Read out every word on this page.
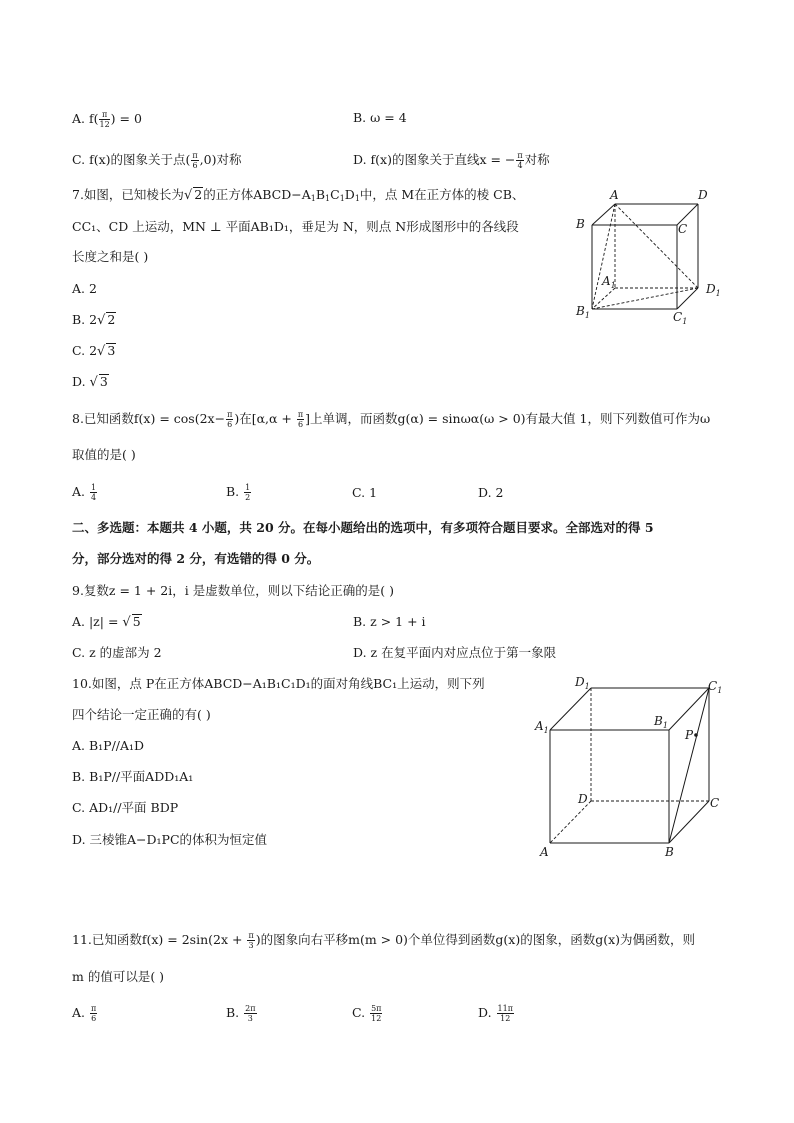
A. $f( \frac{\pi}{12}$ ) = 0	B. ω = 4
C. f(x)的图象关于点( $\frac{\pi}{6} ,0$)对称	D. f(x)的图象关于直线x = − $\frac{\pi}{4}$ 对称
7.如图，已知棱长为√ 2的正方体$ABCD-A_1B_1C_1D_1$中，点 M在正方体的棱 CB、
CC₁、CD 上运动，MN ⊥ 平面AB₁D₁，垂足为 N，则点 N形成图形中的各线段
长度之和是( )
A. 2
B. 2√ 2
C. 2√ 3
D. √ 3
A	D
B	C
$A_1$	$D_1$
$B_1$	$C_1$
8.已知函数$f(x) = \cos(2x- \frac{\pi}{6}$ )在[$\alpha,\alpha + \frac{\pi}{6}$ ]上单调，而函数g(α) = sinωα(ω > 0)有最大值 1，则下列数值可作为ω
取值的是( )
A. $\frac{1}{4}$	B. $\frac{1}{2}$	C. 1	D. 2
二、多选题：本题共 4 小题，共 20 分。在每小题给出的选项中，有多项符合题目要求。全部选对的得 5
分，部分选对的得 2 分，有选错的得 0 分。
9.复数z = 1 + 2i，i 是虚数单位，则以下结论正确的是( )
A. |z| = √ 5	B. z > 1 + i
C. z 的虚部为 2	D. z 在复平面内对应点位于第一象限
10.如图，点 P在正方体ABCD−A₁B₁C₁D₁的面对角线BC₁上运动，则下列
四个结论一定正确的有( )
A. B₁P//A₁D
B. B₁P//平面ADD₁A₁
C. AD₁//平面 BDP
D. 三棱锥A−D₁PC的体积为恒定值
$D_1$	$C_1$
$A_1$
$B_1$
P
D	C
A	B
11.已知函数$f(x) = 2\sin(2x + \frac{\pi}{3}$ )的图象向右平移m(m > 0)个单位得到函数g(x)的图象，函数g(x)为偶函数，则
m 的值可以是( )
A. $\frac{\pi}{6}$	B. $\frac{2\pi}{3}$	C. $\frac{5\pi}{12}$	D. $\frac{11\pi}{12}$
